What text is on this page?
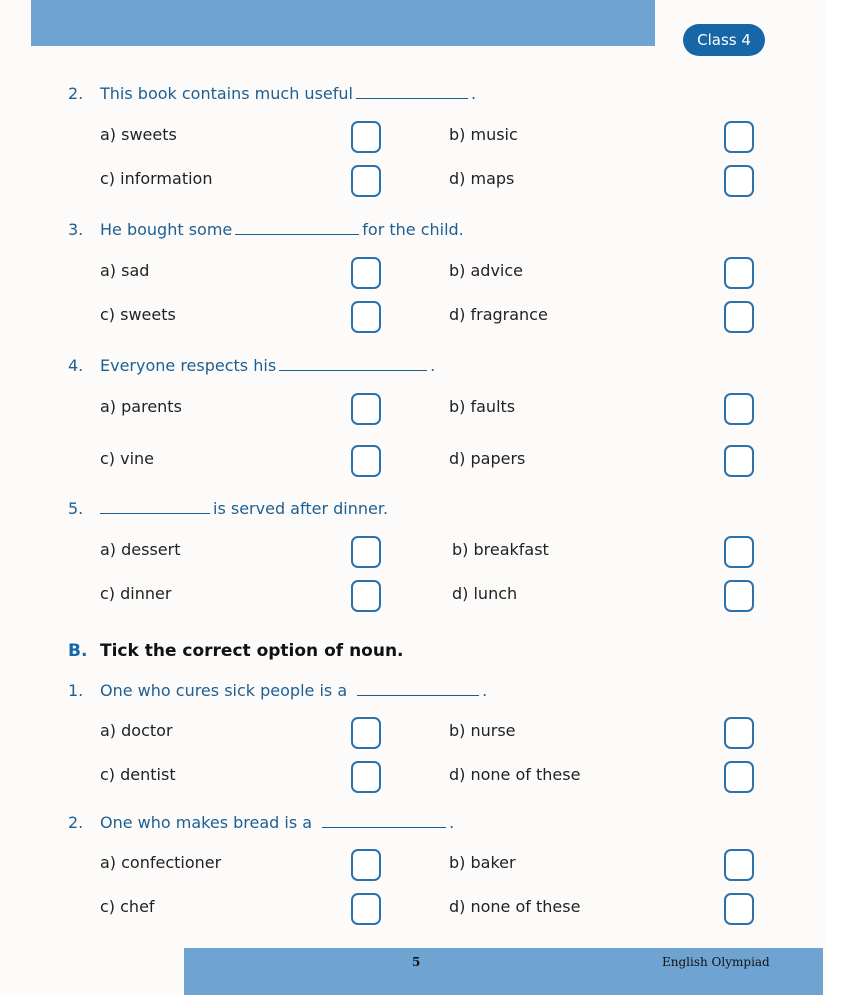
Class 4
2. This book contains much useful	.
a) sweets	b) music
c) information	d) maps
3. He bought some	for the child.
a) sad	b) advice
c) sweets	d) fragrance
4. Everyone respects his	.
a) parents	b) faults
c) vine	d) papers
5.	is served after dinner.
a) dessert	b) breakfast
c) dinner	d) lunch
B. Tick the correct option of noun.
1. One who cures sick people is a	.
a) doctor	b) nurse
c) dentist	d) none of these
2. One who makes bread is a	.
a) confectioner	b) baker
c) chef	d) none of these
5	English Olympiad
